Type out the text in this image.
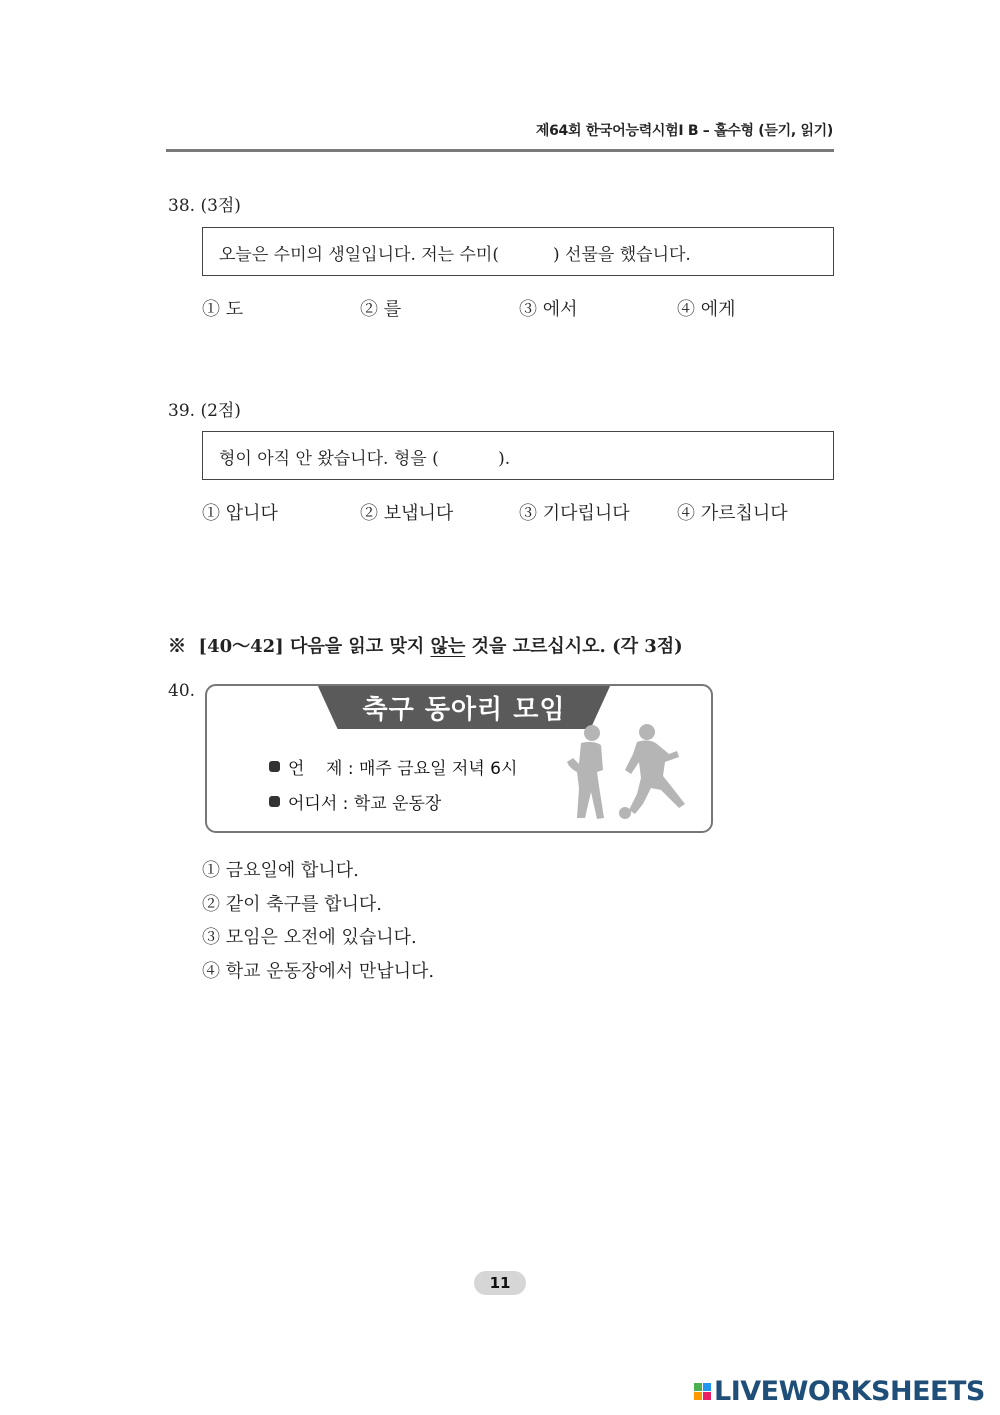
제64회 한국어능력시험Ⅰ B – 홀수형 (듣기, 읽기)
38. (3점)
오늘은 수미의 생일입니다. 저는 수미(          ) 선물을 했습니다.
① 도	② 를	③ 에서	④ 에게
39. (2점)
형이 아직 안 왔습니다. 형을 (           ).
① 압니다	② 보냅니다	③ 기다립니다	④ 가르칩니다
※ [40～42] 다음을 읽고 맞지 않는 것을 고르십시오. (각 3점)
40.
축구 동아리 모임
언    제 : 매주 금요일 저녁 6시
어디서 : 학교 운동장
① 금요일에 합니다.
② 같이 축구를 합니다.
③ 모임은 오전에 있습니다.
④ 학교 운동장에서 만납니다.
11
LIVEWORKSHEETS
